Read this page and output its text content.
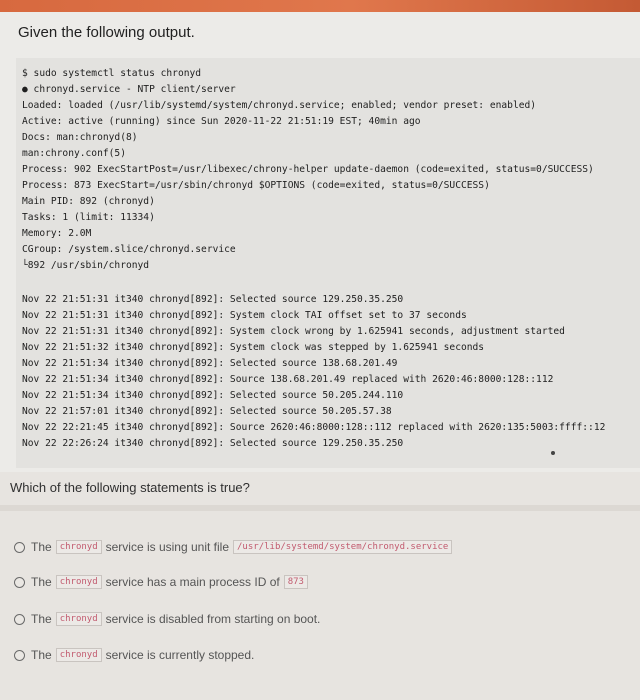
Given the following output.
$ sudo systemctl status chronyd
● chronyd.service - NTP client/server
Loaded: loaded (/usr/lib/systemd/system/chronyd.service; enabled; vendor preset: enabled)
Active: active (running) since Sun 2020-11-22 21:51:19 EST; 40min ago
Docs: man:chronyd(8)
man:chrony.conf(5)
Process: 902 ExecStartPost=/usr/libexec/chrony-helper update-daemon (code=exited, status=0/SUCCESS)
Process: 873 ExecStart=/usr/sbin/chronyd $OPTIONS (code=exited, status=0/SUCCESS)
Main PID: 892 (chronyd)
Tasks: 1 (limit: 11334)
Memory: 2.0M
CGroup: /system.slice/chronyd.service
└892 /usr/sbin/chronyd
Nov 22 21:51:31 it340 chronyd[892]: Selected source 129.250.35.250
Nov 22 21:51:31 it340 chronyd[892]: System clock TAI offset set to 37 seconds
Nov 22 21:51:31 it340 chronyd[892]: System clock wrong by 1.625941 seconds, adjustment started
Nov 22 21:51:32 it340 chronyd[892]: System clock was stepped by 1.625941 seconds
Nov 22 21:51:34 it340 chronyd[892]: Selected source 138.68.201.49
Nov 22 21:51:34 it340 chronyd[892]: Source 138.68.201.49 replaced with 2620:46:8000:128::112
Nov 22 21:51:34 it340 chronyd[892]: Selected source 50.205.244.110
Nov 22 21:57:01 it340 chronyd[892]: Selected source 50.205.57.38
Nov 22 22:21:45 it340 chronyd[892]: Source 2620:46:8000:128::112 replaced with 2620:135:5003:ffff::12
Nov 22 22:26:24 it340 chronyd[892]: Selected source 129.250.35.250
Which of the following statements is true?
The chronyd service is using unit file /usr/lib/systemd/system/chronyd.service
The chronyd service has a main process ID of 873
The chronyd service is disabled from starting on boot.
The chronyd service is currently stopped.
